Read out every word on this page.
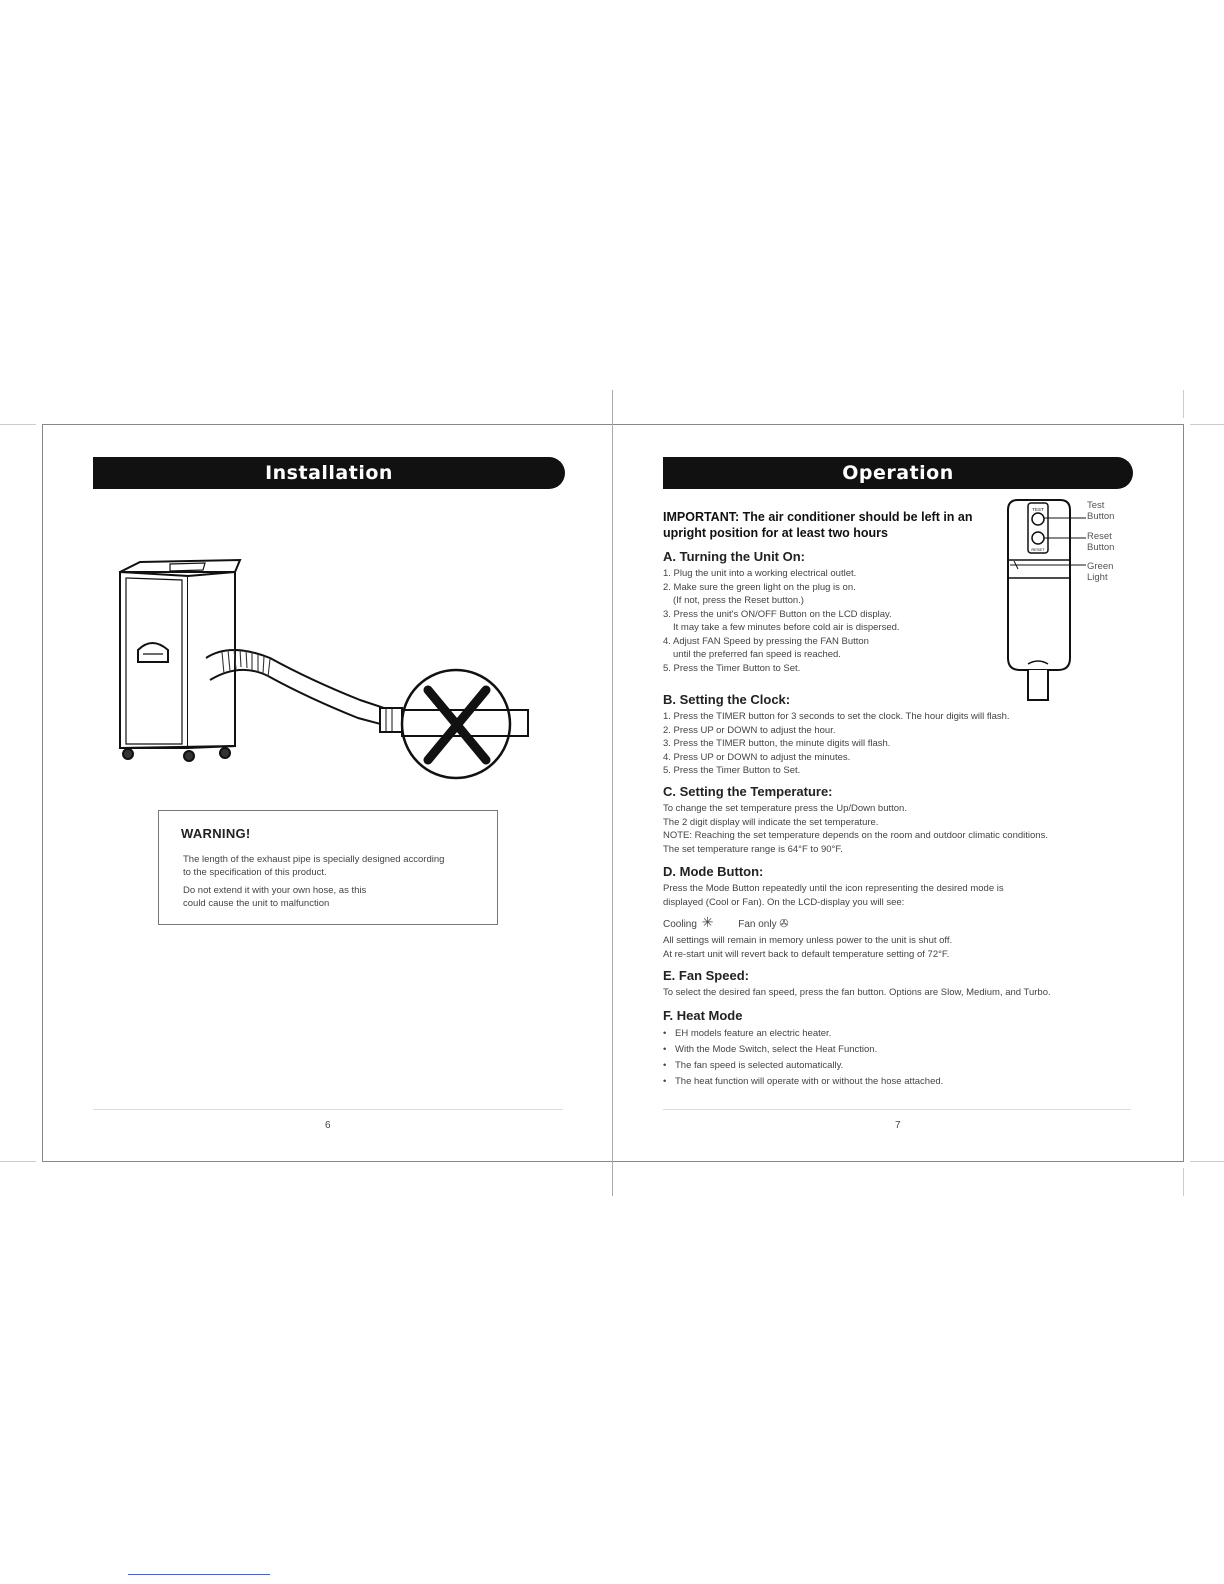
Installation
WARNING!

The length of the exhaust pipe is specially designed according
to the specification of this product.

Do not extend it with your own hose, as this
could cause the unit to malfunction

6
Operation
IMPORTANT: The air conditioner should be left in an upright position for at least two hours
TEST
RESET
Test
Button
Reset
Button
Green
Light
A. Turning the Unit On:
1. Plug the unit into a working electrical outlet.
2. Make sure the green light on the plug is on.
(If not, press the Reset button.)
3. Press the unit's ON/OFF Button on the LCD display.
It may take a few minutes before cold air is dispersed.
4. Adjust FAN Speed by pressing the FAN Button
until the preferred fan speed is reached.
5. Press the Timer Button to Set.
B. Setting the Clock:
1. Press the TIMER button for 3 seconds to set the clock. The hour digits will flash.
2. Press UP or DOWN to adjust the hour.
3. Press the TIMER button, the minute digits will flash.
4. Press UP or DOWN to adjust the minutes.
5. Press the Timer Button to Set.
C. Setting the Temperature:
To change the set temperature press the Up/Down button.
The 2 digit display will indicate the set temperature.
NOTE: Reaching the set temperature depends on the room and outdoor climatic conditions.
The set temperature range is 64°F to 90°F.
D. Mode Button:
Press the Mode Button repeatedly until the icon representing the desired mode is
displayed (Cool or Fan). On the LCD-display you will see:
Cooling ✳ Fan only ✇
All settings will remain in memory unless power to the unit is shut off.
At re-start unit will revert back to default temperature setting of 72°F.
E. Fan Speed:
To select the desired fan speed, press the fan button. Options are Slow, Medium, and Turbo.
F. Heat Mode
• EH models feature an electric heater.
• With the Mode Switch, select the Heat Function.
• The fan speed is selected automatically.
• The heat function will operate with or without the hose attached.
7
